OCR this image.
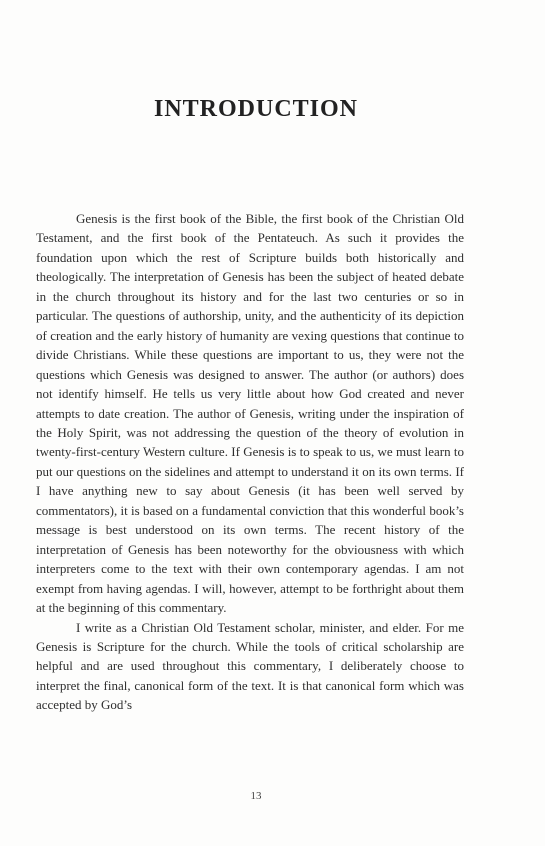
INTRODUCTION

Genesis is the first book of the Bible, the first book of the Christian Old Testament, and the first book of the Pentateuch. As such it provides the foundation upon which the rest of Scripture builds both historically and theologically. The interpretation of Genesis has been the subject of heated debate in the church throughout its history and for the last two centuries or so in particular. The questions of authorship, unity, and the authenticity of its depiction of creation and the early history of humanity are vexing questions that continue to divide Christians. While these questions are important to us, they were not the questions which Genesis was designed to answer. The author (or authors) does not identify himself. He tells us very little about how God created and never attempts to date creation. The author of Genesis, writing under the inspiration of the Holy Spirit, was not addressing the question of the theory of evolution in twenty-first-century Western culture. If Genesis is to speak to us, we must learn to put our questions on the sidelines and attempt to understand it on its own terms. If I have anything new to say about Genesis (it has been well served by commentators), it is based on a fundamental conviction that this wonderful book’s message is best understood on its own terms. The recent history of the interpretation of Genesis has been noteworthy for the obviousness with which interpreters come to the text with their own contemporary agendas. I am not exempt from having agendas. I will, however, attempt to be forthright about them at the beginning of this commentary.

I write as a Christian Old Testament scholar, minister, and elder. For me Genesis is Scripture for the church. While the tools of critical scholarship are helpful and are used throughout this commentary, I deliberately choose to interpret the final, canonical form of the text. It is that canonical form which was accepted by God’s

13
